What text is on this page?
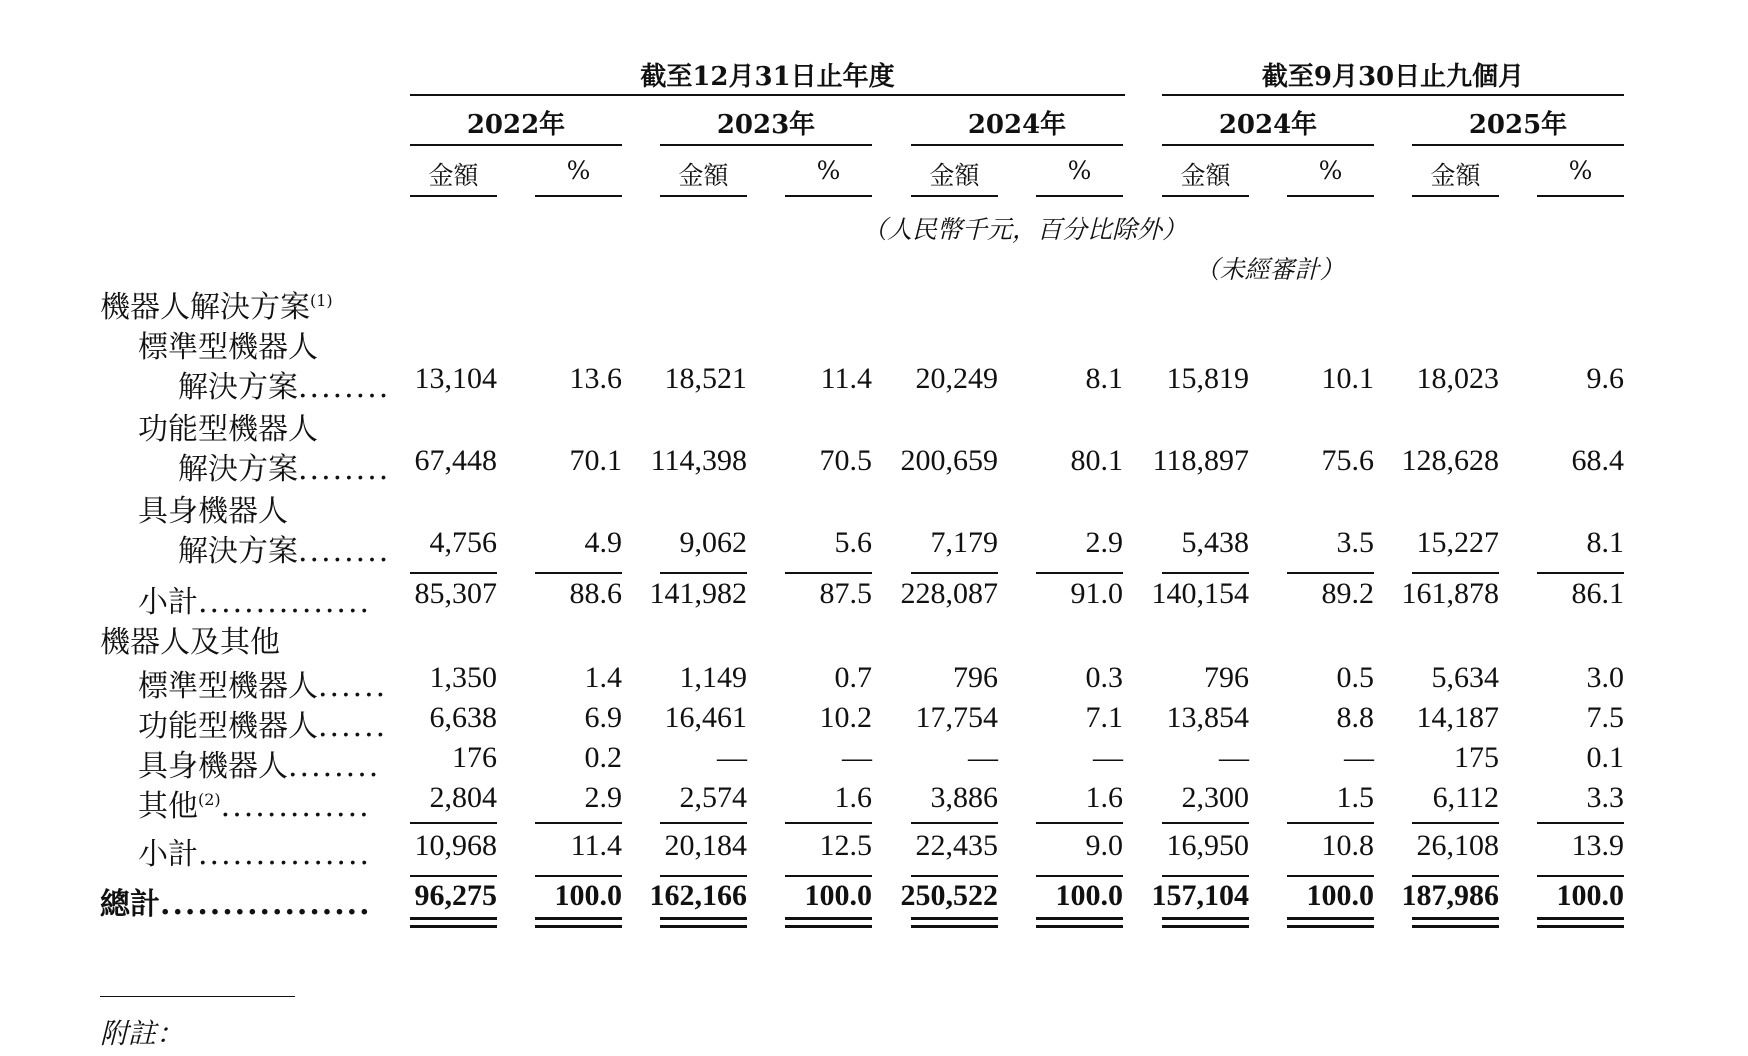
截至12月31日止年度	截至9月30日止九個月
2022年	2023年	2024年	2024年	2025年
金額	%	金額	%	金額	%	金額	%	金額	%
（人民幣千元，百分比除外）
（未經審計）
機器人解決方案$^{(1)}$
標準型機器人
解決方案........ 13,104	13.6	18,521	11.4	20,249	8.1	15,819	10.1	18,023	9.6
功能型機器人
解決方案........ 67,448	70.1 114,398	70.5 200,659	80.1 118,897	75.6 128,628	68.4
具身機器人
解決方案........	4,756	4.9	9,062	5.6	7,179	2.9	5,438	3.5	15,227	8.1
小計...............	85,307	88.6 141,982	87.5 228,087	91.0 140,154	89.2 161,878	86.1
機器人及其他
標準型機器人......	1,350	1.4	1,149	0.7	796	0.3	796	0.5	5,634	3.0
功能型機器人......	6,638	6.9	16,461	10.2	17,754	7.1	13,854	8.8	14,187	7.5
具身機器人........	176	0.2	—	—	—	—	—	—	175	0.1
其他$^{(2)}$.............	2,804	2.9	2,574	1.6	3,886	1.6	2,300	1.5	6,112	3.3
小計...............	10,968	11.4	20,184	12.5	22,435	9.0	16,950	10.8	26,108	13.9
總計.................	96,275	100.0 162,166	100.0 250,522	100.0 157,104	100.0 187,986	100.0
附註：
